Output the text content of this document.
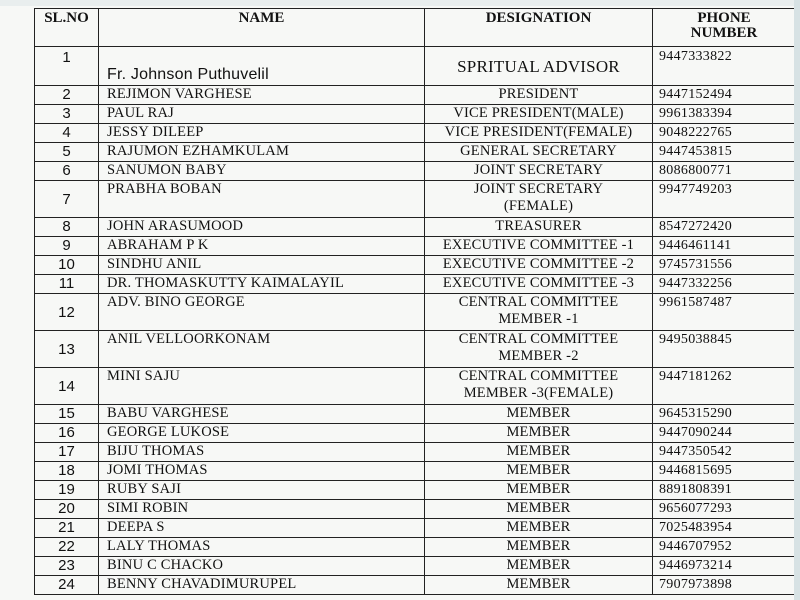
SL.NO	NAME	DESIGNATION	PHONE
NUMBER

1	Fr. Johnson Puthuvelil	SPRITUAL ADVISOR	9447333822
2	REJIMON VARGHESE	PRESIDENT	9447152494
3	PAUL RAJ	VICE PRESIDENT(MALE)	9961383394
4	JESSY DILEEP	VICE PRESIDENT(FEMALE)	9048222765
5	RAJUMON EZHAMKULAM	GENERAL SECRETARY	9447453815
6	SANUMON BABY	JOINT SECRETARY	8086800771
7	PRABHA BOBAN	JOINT SECRETARY
(FEMALE)	9947749203
8	JOHN ARASUMOOD	TREASURER	8547272420
9	ABRAHAM P K	EXECUTIVE COMMITTEE -1	9446461141
10	SINDHU ANIL	EXECUTIVE COMMITTEE -2	9745731556
11	DR. THOMASKUTTY KAIMALAYIL	EXECUTIVE COMMITTEE -3	9447332256
12	ADV. BINO GEORGE	CENTRAL COMMITTEE
MEMBER -1	9961587487
13	ANIL VELLOORKONAM	CENTRAL COMMITTEE
MEMBER -2	9495038845
14	MINI SAJU	CENTRAL COMMITTEE
MEMBER -3(FEMALE)	9447181262
15	BABU VARGHESE	MEMBER	9645315290
16	GEORGE LUKOSE	MEMBER	9447090244
17	BIJU THOMAS	MEMBER	9447350542
18	JOMI THOMAS	MEMBER	9446815695
19	RUBY SAJI	MEMBER	8891808391
20	SIMI ROBIN	MEMBER	9656077293
21	DEEPA S	MEMBER	7025483954
22	LALY THOMAS	MEMBER	9446707952
23	BINU C CHACKO	MEMBER	9446973214
24	BENNY CHAVADIMURUPEL	MEMBER	7907973898
